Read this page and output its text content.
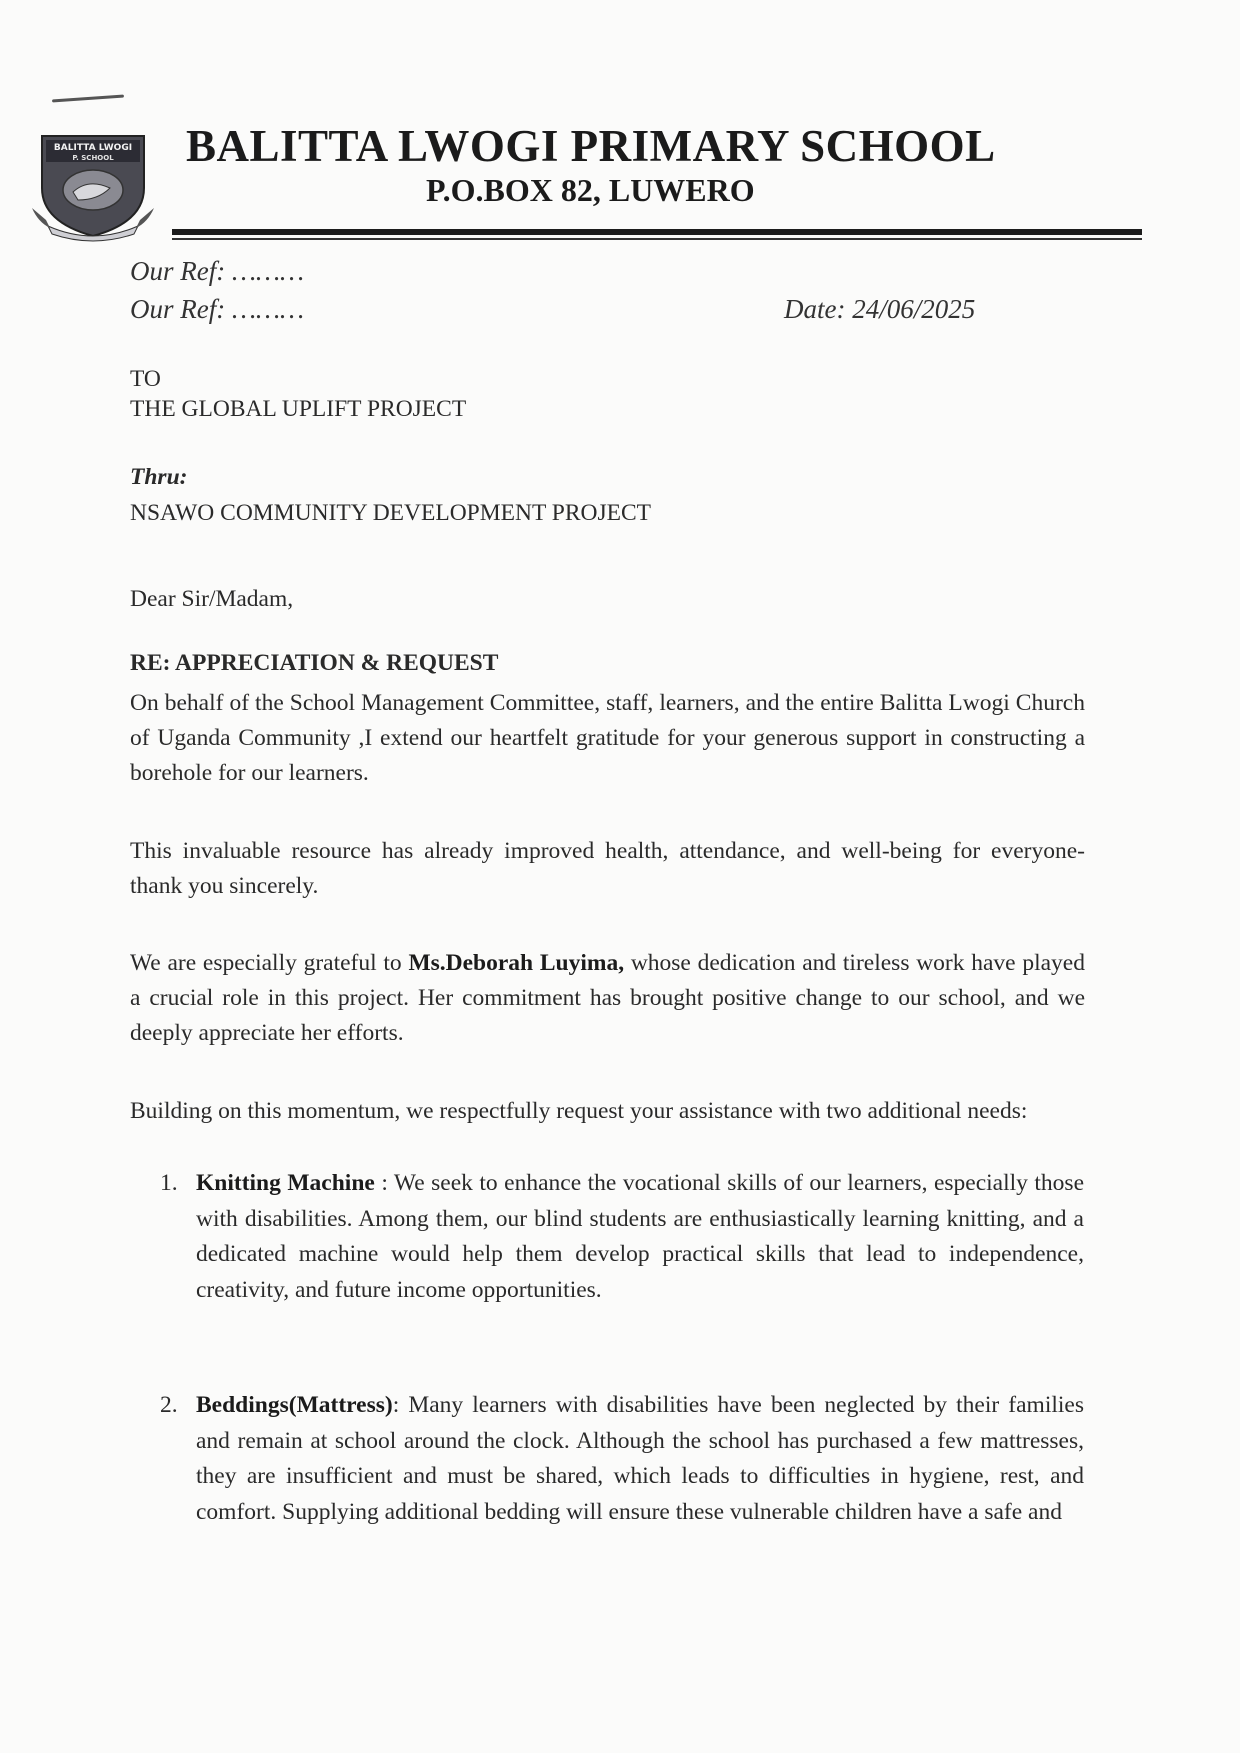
BALITTA LWOGI
P. SCHOOL BALITTA LWOGI PRIMARY SCHOOL
P.O.BOX 82, LUWERO
Our Ref: ………
Our Ref: ………	Date: 24/06/2025
TO
THE GLOBAL UPLIFT PROJECT
Thru:
NSAWO COMMUNITY DEVELOPMENT PROJECT
Dear Sir/Madam,
RE: APPRECIATION & REQUEST
On behalf of the School Management Committee, staff, learners, and the entire Balitta Lwogi Church of Uganda Community ,I extend our heartfelt gratitude for your generous support in constructing a borehole for our learners.
This invaluable resource has already improved health, attendance, and well-being for everyone- thank you sincerely.
We are especially grateful to Ms.Deborah Luyima, whose dedication and tireless work have played a crucial role in this project. Her commitment has brought positive change to our school, and we deeply appreciate her efforts.
Building on this momentum, we respectfully request your assistance with two additional needs:
1. Knitting Machine : We seek to enhance the vocational skills of our learners, especially those with disabilities. Among them, our blind students are enthusiastically learning knitting, and a dedicated machine would help them develop practical skills that lead to independence, creativity, and future income opportunities.
2. Beddings(Mattress): Many learners with disabilities have been neglected by their families and remain at school around the clock. Although the school has purchased a few mattresses, they are insufficient and must be shared, which leads to difficulties in hygiene, rest, and comfort. Supplying additional bedding will ensure these vulnerable children have a safe and
